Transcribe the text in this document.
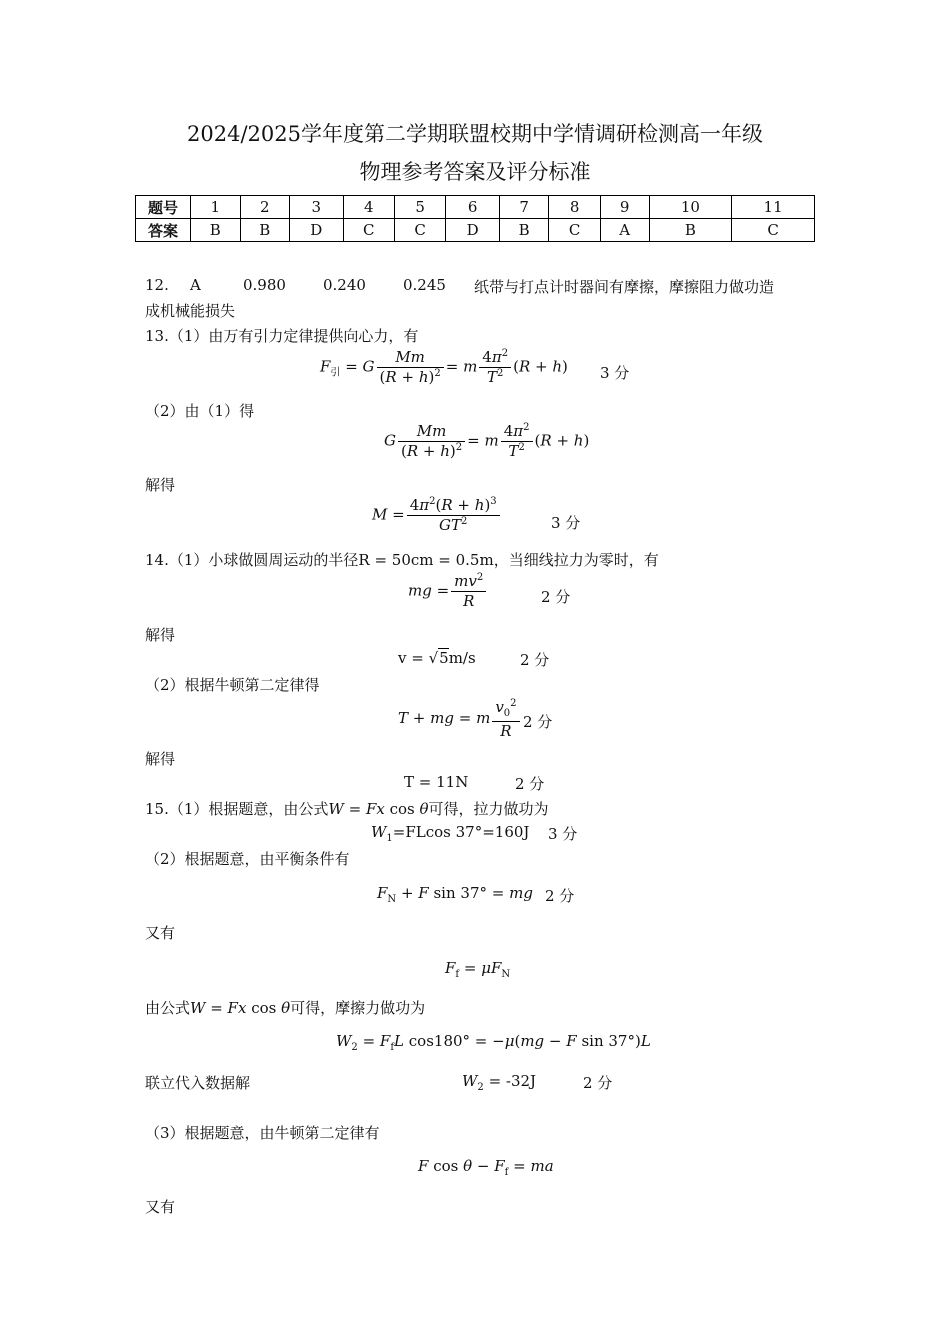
2024/2025学年度第二学期联盟校期中学情调研检测高一年级
物理参考答案及评分标准
题号	1	2	3	4	5	6	7	8	9	10	11
答案	B	B	D	C	C	D	B	C	A	B	C
12. A	0.980 0.240 0.245 纸带与打点计时器间有摩擦，摩擦阻力做功造
成机械能损失
13.（1）由万有引力定律提供向心力，有
$F_引 = G \frac{Mm}{(R + h)^2} = m \frac{4\pi^2}{T^2} (R + h)$ 3 分
（2）由（1）得
G $\frac{Mm}{(R + h)^2} = m \frac{4\pi^2}{T^2} (R + h)$
解得
$M = \frac{4\pi^2(R + h)^3}{GT^2}$	3 分
14.（1）小球做圆周运动的半径R = 50cm = 0.5m，当细线拉力为零时，有
mg = $\frac{mv^2}{R}$	2 分
解得
v = √5m/s	2 分
（2）根据牛顿第二定律得
T + mg = m $\frac{v_0^2}{R} 2$ 分
解得
T = 11N	2 分
15.（1）根据题意，由公式W = Fx cos θ可得，拉力做功为
$W_1=FLcos$ 37°=160J 3 分
（2）根据题意，由平衡条件有
$F_N + F$ sin 37° = mg 2 分
又有
$F_f = \mu F_N$
由公式W = Fx cos θ可得，摩擦力做功为
$W_2 = F_fL$ cos180° = −μ(mg − F sin 37°)L
联立代入数据解	$W_2 = -32J$	2 分
（3）根据题意，由牛顿第二定律有
F $\cos \theta - F_f$ = ma
又有
